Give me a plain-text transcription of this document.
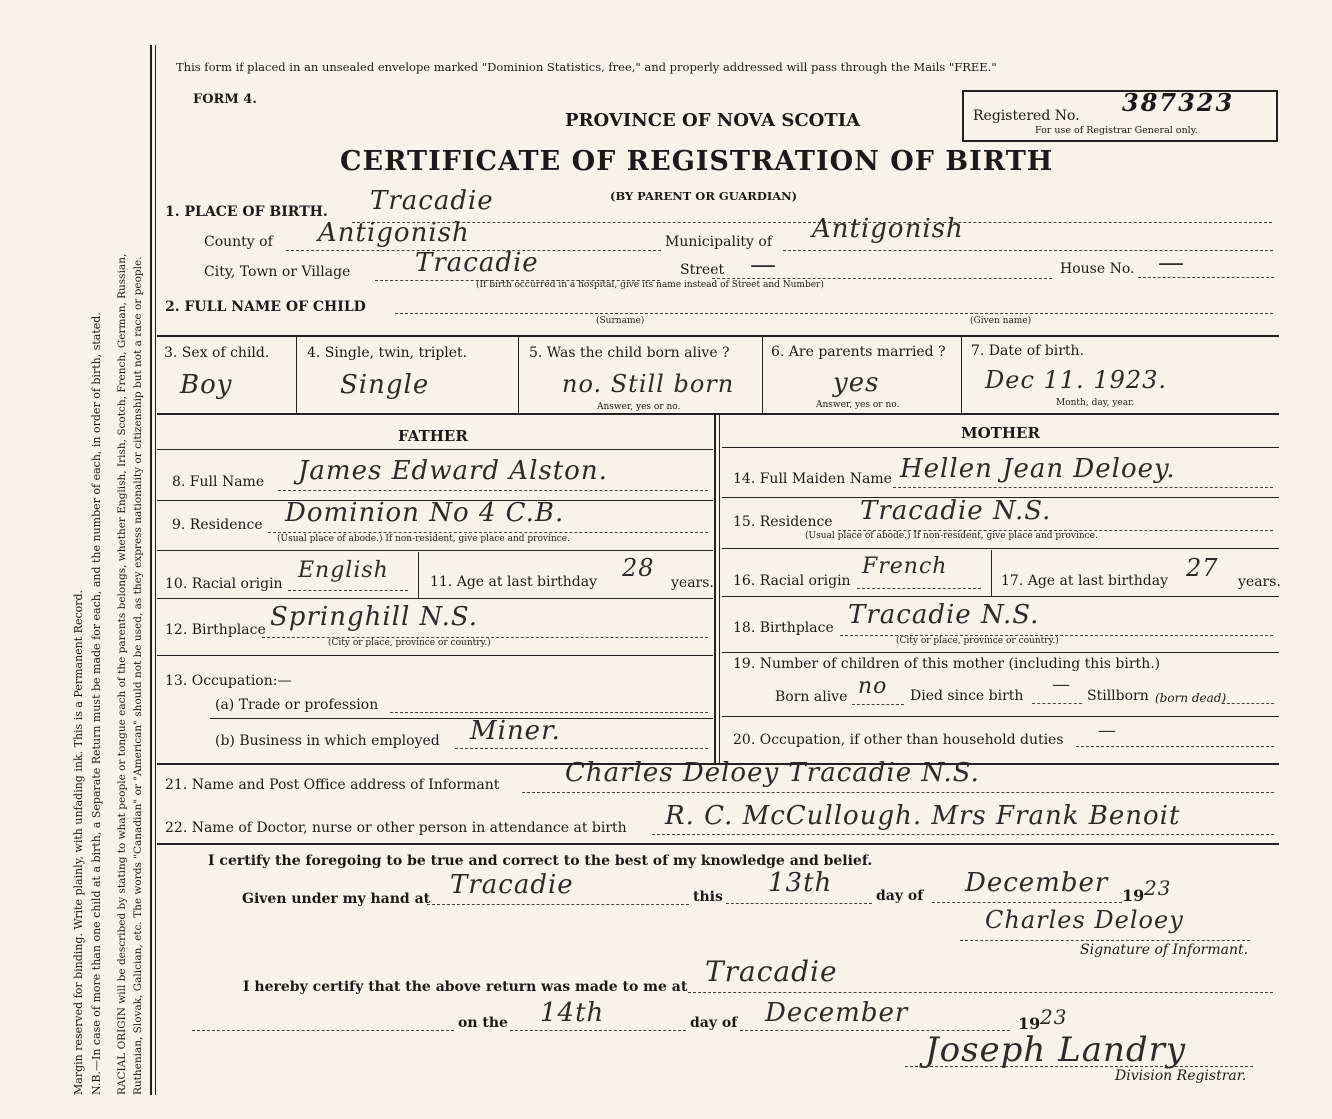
Margin reserved for binding. Write plainly, with unfading ink. This is a Permanent Record. N.B.—In case of more than one child at a birth, a Separate Return must be made for each, and the number of each, in order of birth, stated. RACIAL ORIGIN will be described by stating to what people or tongue each of the parents belongs, whether English, Irish, Scotch, French, German, Russian, Ruthenian, Slovak, Galician, etc. The words "Canadian" or "American" should not be used, as they express nationality or citizenship but not a race or people.
This form if placed in an unsealed envelope marked "Dominion Statistics, free," and properly addressed will pass through the Mails "FREE."
FORM 4.
PROVINCE OF NOVA SCOTIA
CERTIFICATE OF REGISTRATION OF BIRTH
(BY PARENT OR GUARDIAN)
Registered No. 387323
For use of Registrar General only.
1. PLACE OF BIRTH. Tracadie
County of Antigonish	Municipality of Antigonish
City, Town or Village Tracadie	Street —	House No. —
(If birth occurred in a hospital, give its name instead of Street and Number)
2. FULL NAME OF CHILD
(Surname)	(Given name)
3. Sex of child.
Boy
4. Single, twin, triplet.
Single
5. Was the child born alive ?
no. Still born
Answer, yes or no.
6. Are parents married ?
yes
Answer, yes or no.
7. Date of birth.
Dec 11. 1923.
Month, day, year.
FATHER	MOTHER
8. Full Name James Edward Alston.
9. Residence Dominion No 4 C.B.
(Usual place of abode.) If non-resident, give place and province.
10. Racial origin
English	11. Age at last birthday 28
years.
12. Birthplace Springhill N.S.
(City or place, province or country.)
13. Occupation:—
(a) Trade or profession
(b) Business in which employed Miner.
14. Full Maiden Name Hellen Jean Deloey.
15. Residence Tracadie N.S.
(Usual place of abode.) If non-resident, give place and province.
16. Racial origin
French
17. Age at last birthday 27 years.
18. Birthplace Tracadie N.S.
(City or place, province or country.)
19. Number of children of this mother (including this birth.)
Born alive no Died since birth
—
Stillborn (born dead)
20. Occupation, if other than household duties —
21. Name and Post Office address of Informant	Charles Deloey Tracadie N.S.
22. Name of Doctor, nurse or other person in attendance at birth R. C. McCullough. Mrs Frank Benoit
I certify the foregoing to be true and correct to the best of my knowledge and belief.
Given under my hand at Tracadie	this 13th	day of December 19 23
Charles Deloey
Signature of Informant.
I hereby certify that the above return was made to me at Tracadie
on the 14th	day of December	19 23
Joseph Landry
Division Registrar.
